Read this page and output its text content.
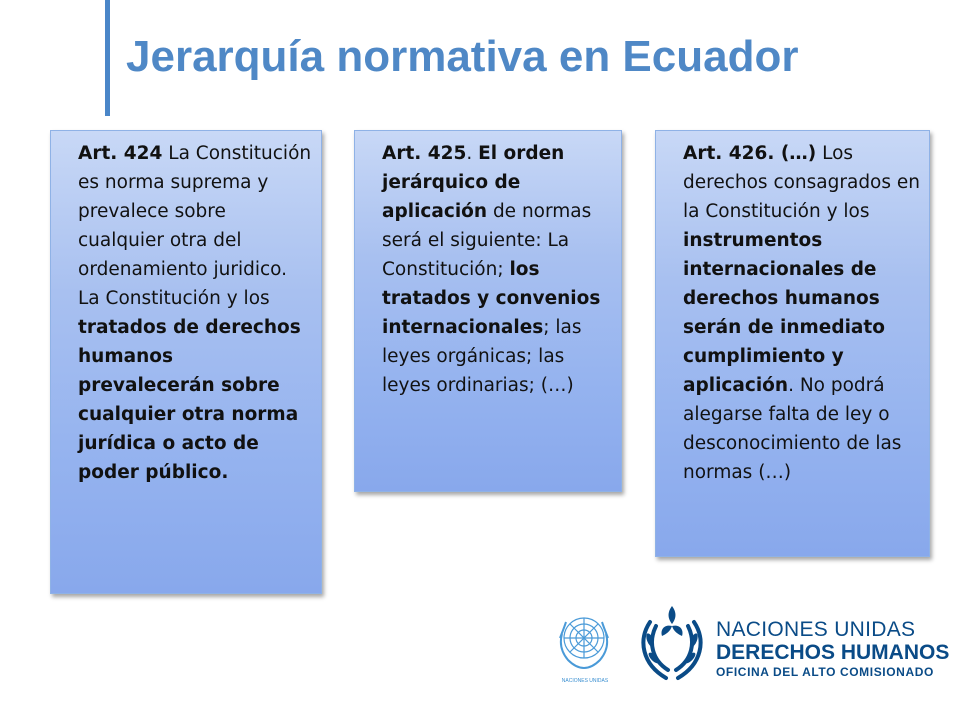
Jerarquía normativa en Ecuador
Art. 424 La Constitución es norma suprema y prevalece sobre cualquier otra del ordenamiento juridico. La Constitución y los tratados de derechos humanos prevalecerán sobre cualquier otra norma jurídica o acto de poder público.
Art. 425. El orden jerárquico de aplicación de normas será el siguiente: La Constitución; los tratados y convenios internacionales; las leyes orgánicas; las leyes ordinarias; (…)
Art. 426. (…) Los derechos consagrados en la Constitución y los instrumentos internacionales de derechos humanos serán de inmediato cumplimiento y aplicación. No podrá alegarse falta de ley o desconocimiento de las normas (…)
NACIONES UNIDAS
NACIONES UNIDAS
DERECHOS HUMANOS
OFICINA DEL ALTO COMISIONADO
